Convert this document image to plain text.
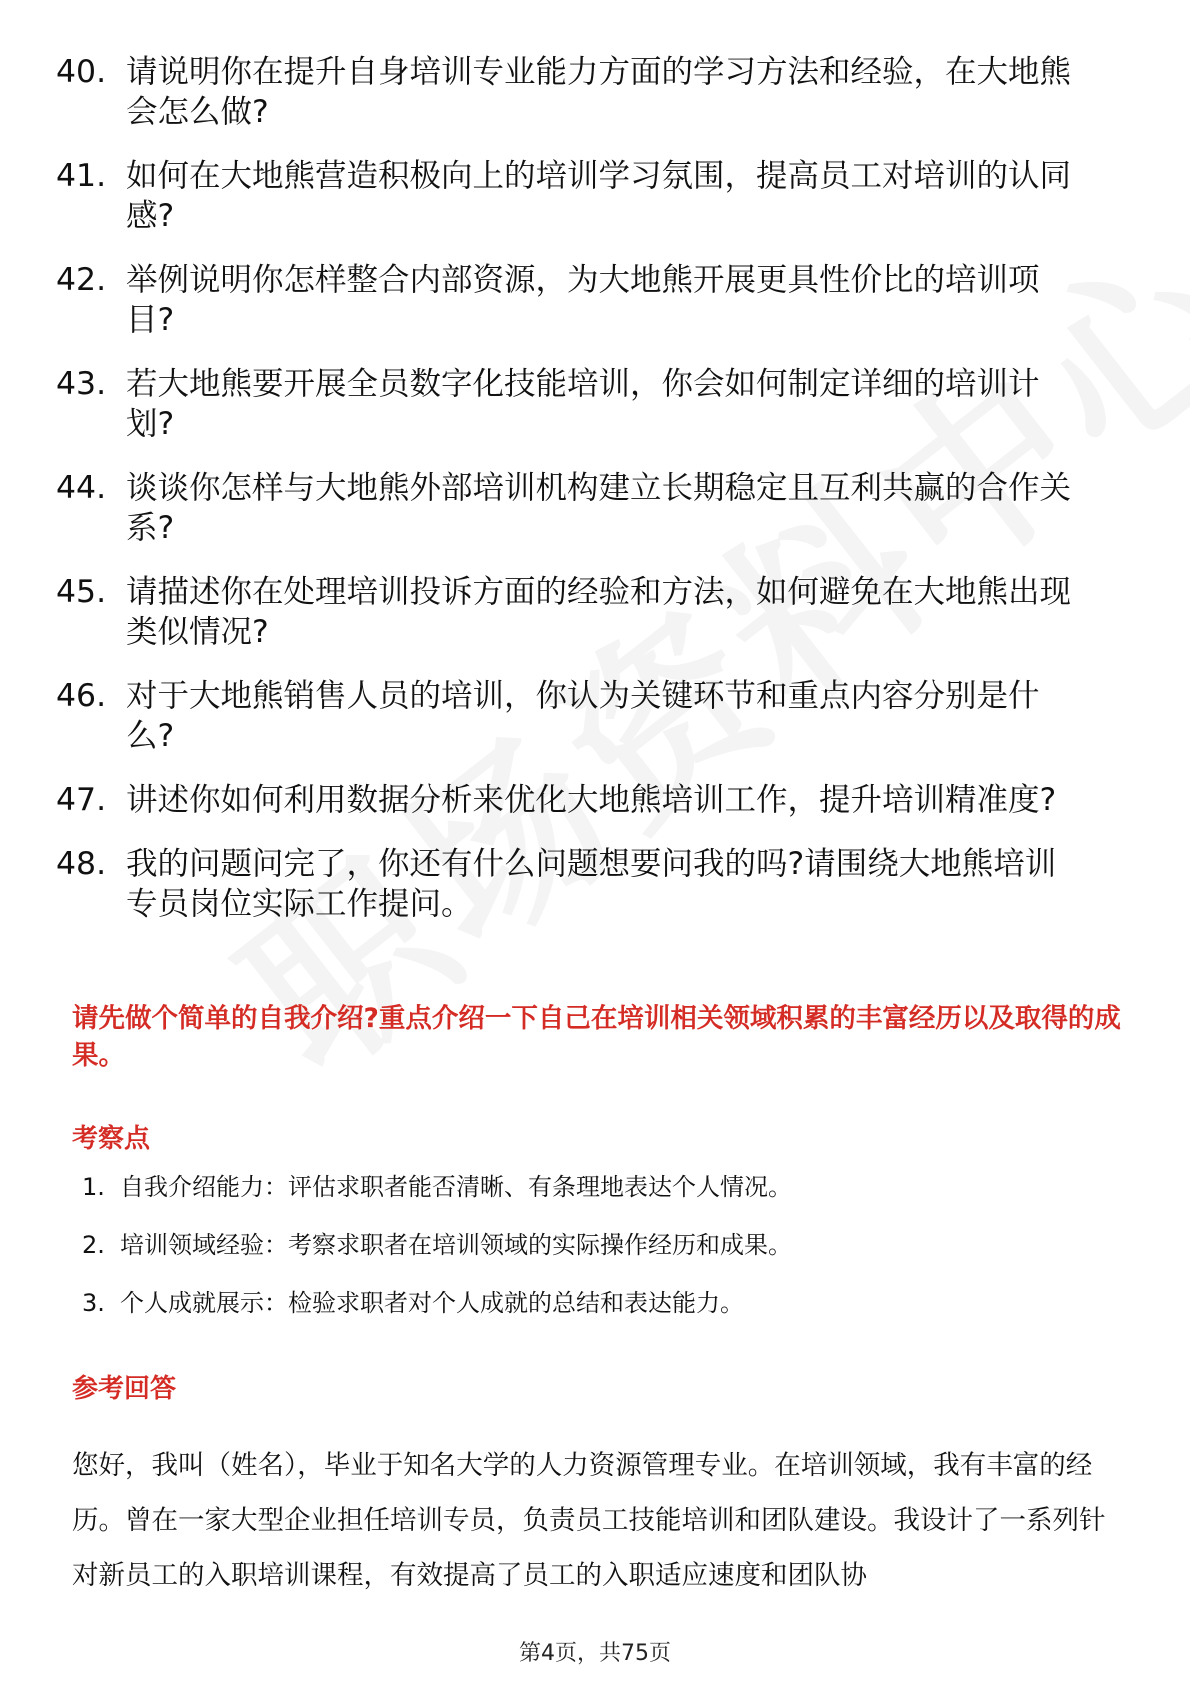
40. 请说明你在提升自身培训专业能力方面的学习方法和经验，在大地熊会怎么做?
41. 如何在大地熊营造积极向上的培训学习氛围，提高员工对培训的认同感?
42. 举例说明你怎样整合内部资源，为大地熊开展更具性价比的培训项目?
43. 若大地熊要开展全员数字化技能培训，你会如何制定详细的培训计划?
44. 谈谈你怎样与大地熊外部培训机构建立长期稳定且互利共赢的合作关系?
45. 请描述你在处理培训投诉方面的经验和方法，如何避免在大地熊出现类似情况?
46. 对于大地熊销售人员的培训，你认为关键环节和重点内容分别是什么?
47. 讲述你如何利用数据分析来优化大地熊培训工作，提升培训精准度?
48. 我的问题问完了，你还有什么问题想要问我的吗?请围绕大地熊培训专员岗位实际工作提问。
请先做个简单的自我介绍?重点介绍一下自己在培训相关领域积累的丰富经历以及取得的成果。
考察点
1. 自我介绍能力：评估求职者能否清晰、有条理地表达个人情况。
2. 培训领域经验：考察求职者在培训领域的实际操作经历和成果。
3. 个人成就展示：检验求职者对个人成就的总结和表达能力。
参考回答
您好，我叫（姓名），毕业于知名大学的人力资源管理专业。在培训领域，我有丰富的经历。曾在一家大型企业担任培训专员，负责员工技能培训和团队建设。我设计了一系列针对新员工的入职培训课程，有效提高了员工的入职适应速度和团队协
第4页，共75页
